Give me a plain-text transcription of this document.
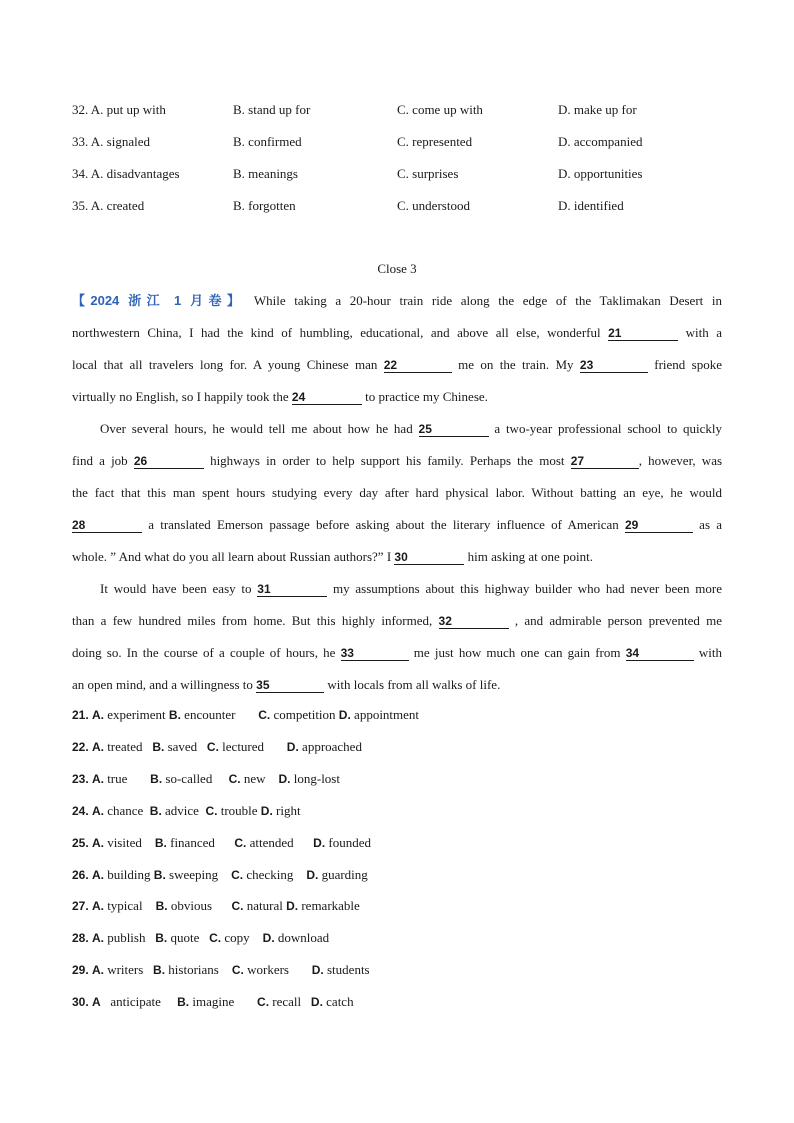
32. A. put up with	B. stand up for	C. come up with	D. make up for
33. A. signaled	B. confirmed	C. represented	D. accompanied
34. A. disadvantages	B. meanings	C. surprises	D. opportunities
35. A. created	B. forgotten	C. understood	D. identified
Close 3
【2024 浙江 1 月卷】 While taking a 20-hour train ride along the edge of the Taklimakan Desert in
northwestern China, I had the kind of humbling, educational, and above all else, wonderful 21	with a
local that all travelers long for. A young Chinese man 22	me on the train. My 23	friend spoke
virtually no English, so I happily took the 24	to practice my Chinese.
Over several hours, he would tell me about how he had 25	a two-year professional school to quickly
find a job 26	highways in order to help support his family. Perhaps the most 27	, however, was
the fact that this man spent hours studying every day after hard physical labor. Without batting an eye, he would
28	a translated Emerson passage before asking about the literary influence of American 29	as a
whole. ” And what do you all learn about Russian authors?” I 30	him asking at one point.
It would have been easy to 31	my assumptions about this highway builder who had never been more
than a few hundred miles from home. But this highly informed, 32	, and admirable person prevented me
doing so. In the course of a couple of hours, he 33	me just how much one can gain from 34	with
an open mind, and a willingness to 35	with locals from all walks of life.
21. A. experiment B. encounter C. competition D. appointment
22. A. treated B. saved C. lectured D. approached
23. A. true B. so-called C. new D. long-lost
24. A. chance B. advice C. trouble D. right
25. A. visited B. financed C. attended D. founded
26. A. building B. sweeping C. checking D. guarding
27. A. typical B. obvious C. natural D. remarkable
28. A. publish B. quote C. copy D. download
29. A. writers B. historians C. workers D. students
30. A anticipate B. imagine C. recall D. catch
